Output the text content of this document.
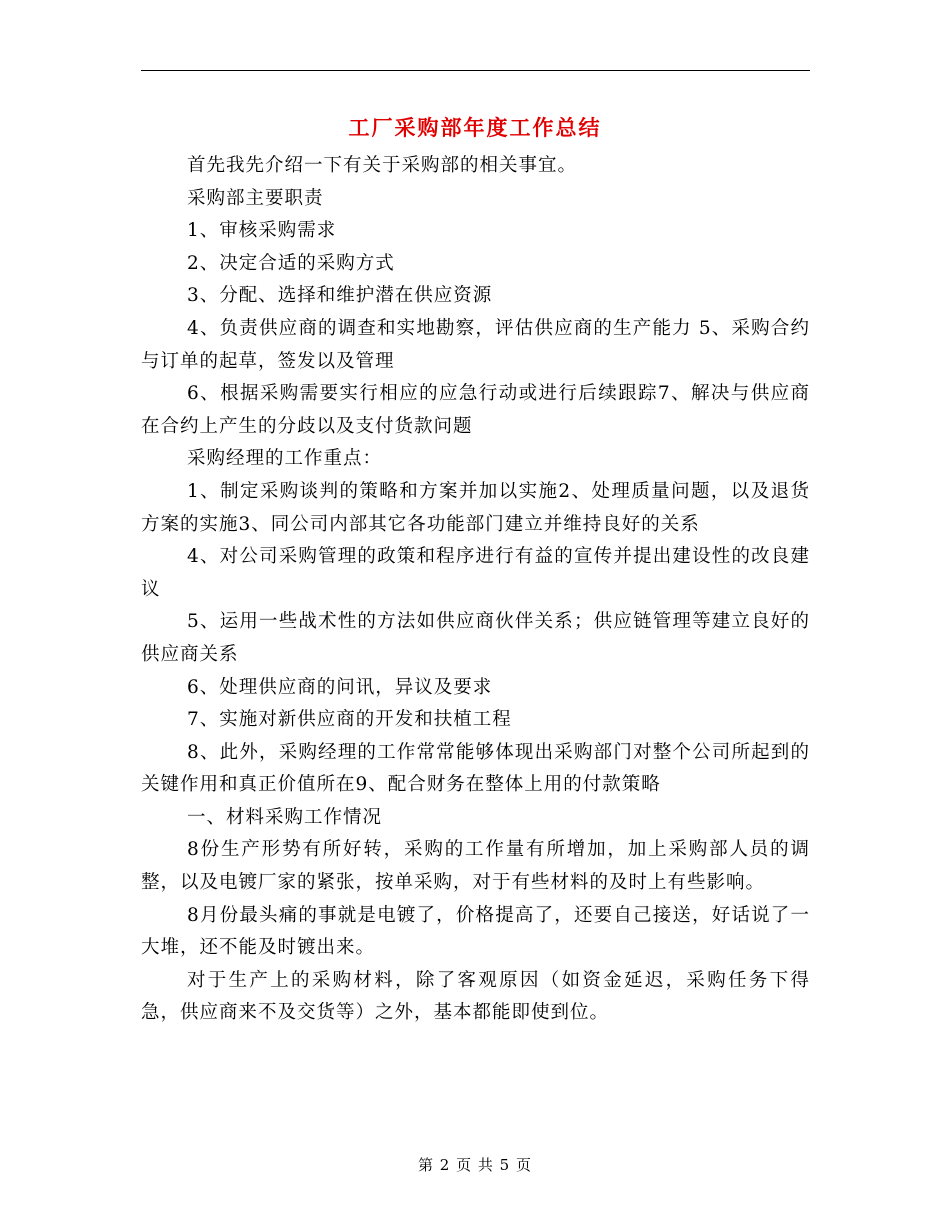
工厂采购部年度工作总结

首先我先介绍一下有关于采购部的相关事宜。

采购部主要职责

1、审核采购需求

2、决定合适的采购方式

3、分配、选择和维护潜在供应资源

4、负责供应商的调查和实地勘察，评估供应商的生产能力 5、采购合约与订单的起草，签发以及管理

6、根据采购需要实行相应的应急行动或进行后续跟踪7、解决与供应商在合约上产生的分歧以及支付货款问题

采购经理的工作重点：

1、制定采购谈判的策略和方案并加以实施2、处理质量问题，以及退货方案的实施3、同公司内部其它各功能部门建立并维持良好的关系

4、对公司采购管理的政策和程序进行有益的宣传并提出建设性的改良建议

5、运用一些战术性的方法如供应商伙伴关系；供应链管理等建立良好的供应商关系

6、处理供应商的问讯，异议及要求

7、实施对新供应商的开发和扶植工程

8、此外，采购经理的工作常常能够体现出采购部门对整个公司所起到的关键作用和真正价值所在9、配合财务在整体上用的付款策略

一、材料采购工作情况

8份生产形势有所好转，采购的工作量有所增加，加上采购部人员的调整，以及电镀厂家的紧张，按单采购，对于有些材料的及时上有些影响。

8月份最头痛的事就是电镀了，价格提高了，还要自己接送，好话说了一大堆，还不能及时镀出来。

对于生产上的采购材料，除了客观原因（如资金延迟，采购任务下得急，供应商来不及交货等）之外，基本都能即使到位。

第 2 页 共 5 页
